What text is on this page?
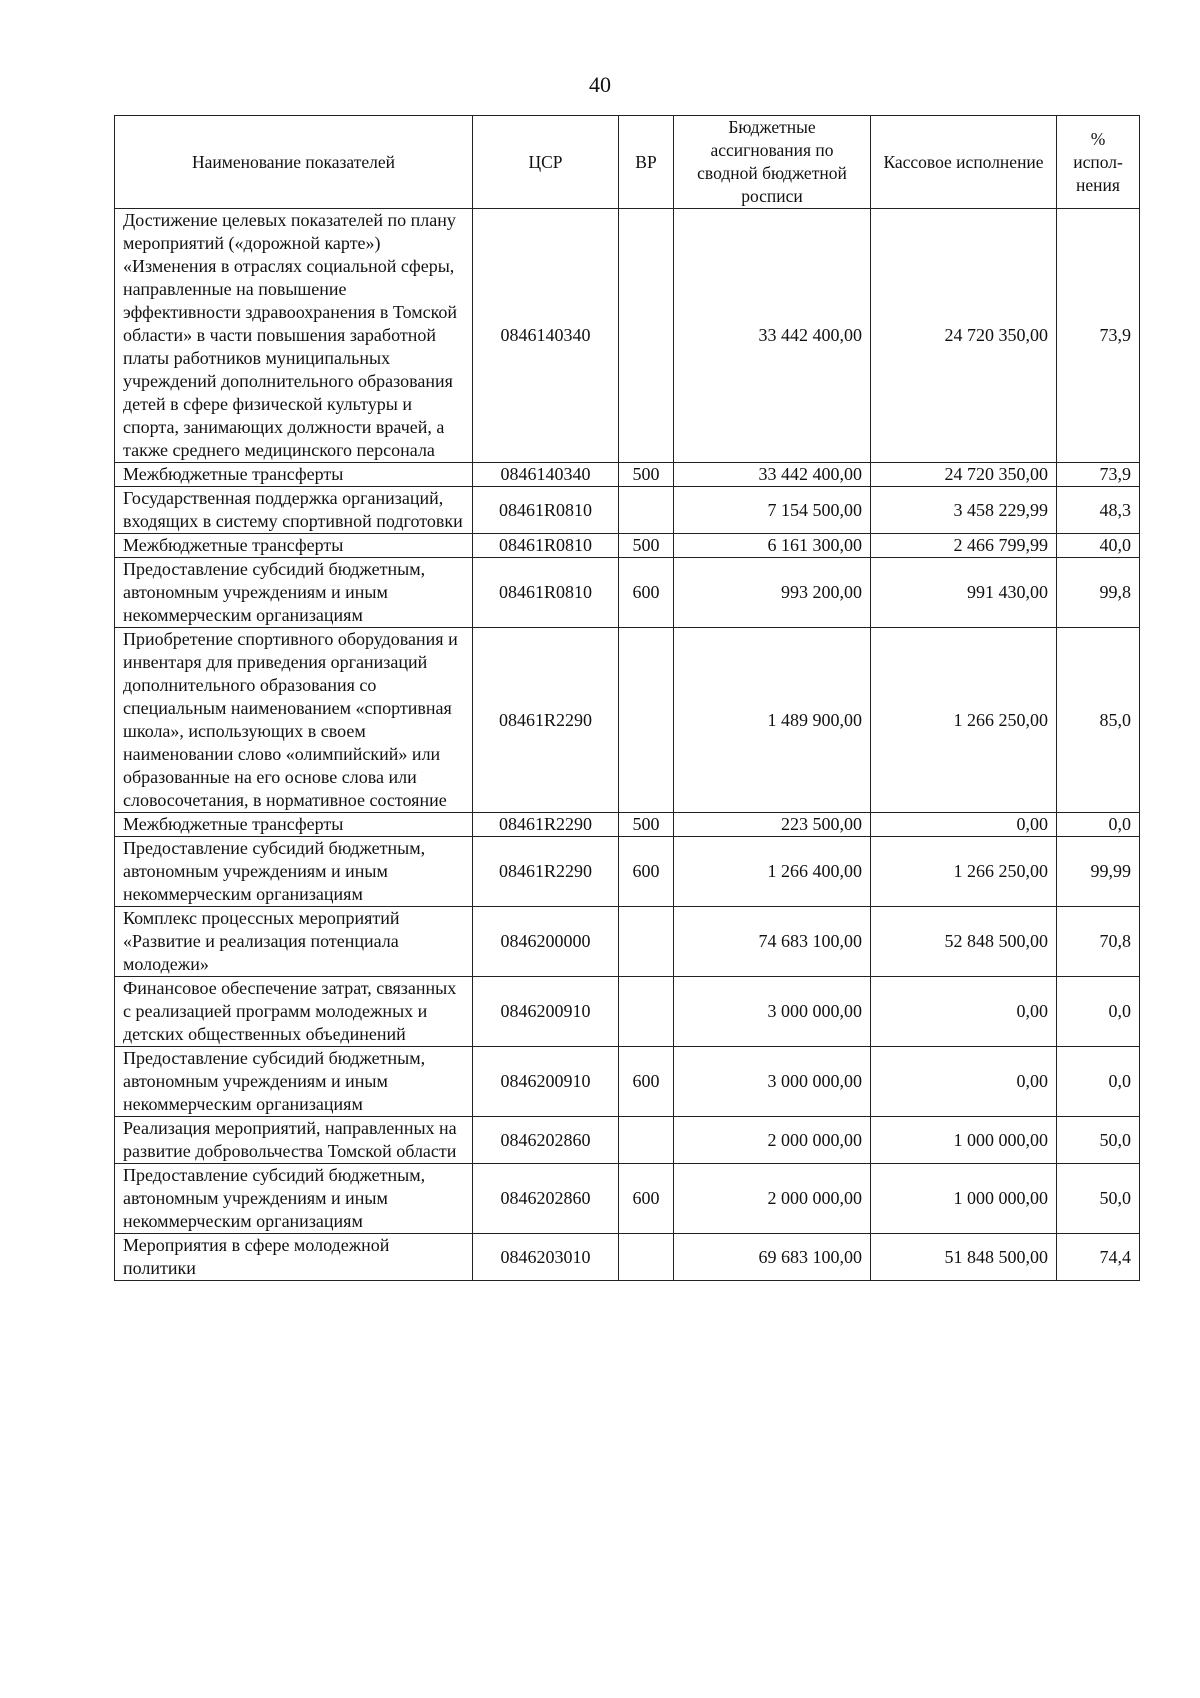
40
Наименование показателей	ЦСР	ВР	Бюджетные ассигнования по сводной бюджетной росписи	Кассовое исполнение	% испол-нения
Достижение целевых показателей по плану мероприятий («дорожной карте») «Изменения в отраслях социальной сферы, направленные на повышение эффективности здравоохранения в Томской области» в части повышения заработной платы работников муниципальных учреждений дополнительного образования детей в сфере физической культуры и спорта, занимающих должности врачей, а также среднего медицинского персонала	0846140340		33 442 400,00	24 720 350,00	73,9
Межбюджетные трансферты	0846140340	500	33 442 400,00	24 720 350,00	73,9
Государственная поддержка организаций, входящих в систему спортивной подготовки	08461R0810		7 154 500,00	3 458 229,99	48,3
Межбюджетные трансферты	08461R0810	500	6 161 300,00	2 466 799,99	40,0
Предоставление субсидий бюджетным, автономным учреждениям и иным некоммерческим организациям	08461R0810	600	993 200,00	991 430,00	99,8
Приобретение спортивного оборудования и инвентаря для приведения организаций дополнительного образования со специальным наименованием «спортивная школа», использующих в своем наименовании слово «олимпийский» или образованные на его основе слова или словосочетания, в нормативное состояние	08461R2290		1 489 900,00	1 266 250,00	85,0
Межбюджетные трансферты	08461R2290	500	223 500,00	0,00	0,0
Предоставление субсидий бюджетным, автономным учреждениям и иным некоммерческим организациям	08461R2290	600	1 266 400,00	1 266 250,00	99,99
Комплекс процессных мероприятий «Развитие и реализация потенциала молодежи»	0846200000		74 683 100,00	52 848 500,00	70,8
Финансовое обеспечение затрат, связанных с реализацией программ молодежных и детских общественных объединений	0846200910		3 000 000,00	0,00	0,0
Предоставление субсидий бюджетным, автономным учреждениям и иным некоммерческим организациям	0846200910	600	3 000 000,00	0,00	0,0
Реализация мероприятий, направленных на развитие добровольчества Томской области	0846202860		2 000 000,00	1 000 000,00	50,0
Предоставление субсидий бюджетным, автономным учреждениям и иным некоммерческим организациям	0846202860	600	2 000 000,00	1 000 000,00	50,0
Мероприятия в сфере молодежной политики	0846203010		69 683 100,00	51 848 500,00	74,4
